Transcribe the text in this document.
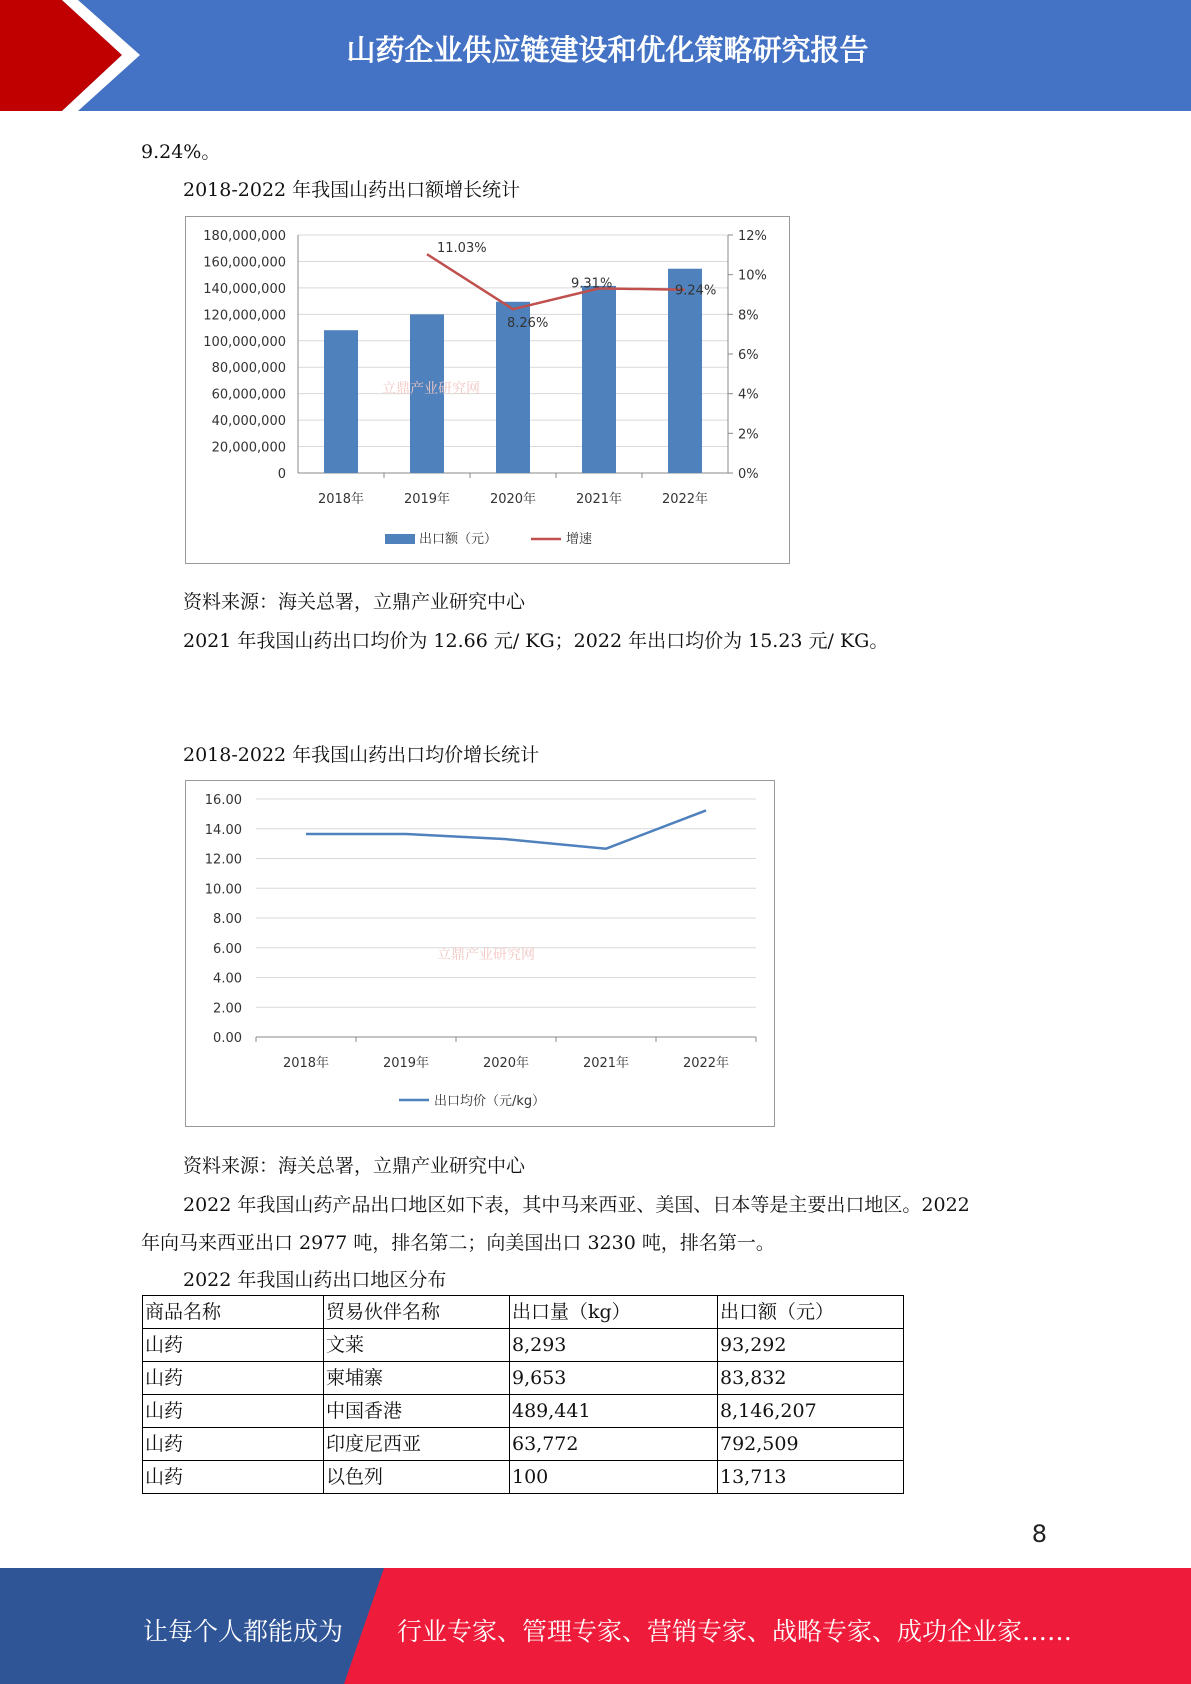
山药企业供应链建设和优化策略研究报告
9.24%。
2018-2022 年我国山药出口额增长统计
180,000,000
160,000,000
140,000,000
120,000,000
100,000,000
80,000,000
60,000,000
40,000,000
20,000,000
0
12%
10%
8%
6%
4%
2%
0%
2018年	2019年	2020年	2021年	2022年
11.03%
8.26%
9.31%	9.24%
立鼎产业研究网
出口额（元）	增速
资料来源：海关总署，立鼎产业研究中心
2021 年我国山药出口均价为 12.66 元/ KG；2022 年出口均价为 15.23 元/ KG。
2018-2022 年我国山药出口均价增长统计
16.00
14.00
12.00
10.00
8.00
6.00
4.00
2.00
0.00
2018年	2019年	2020年	2021年	2022年
立鼎产业研究网
出口均价（元/kg）
资料来源：海关总署，立鼎产业研究中心
2022 年我国山药产品出口地区如下表，其中马来西亚、美国、日本等是主要出口地区。2022
年向马来西亚出口 2977 吨，排名第二；向美国出口 3230 吨，排名第一。
2022 年我国山药出口地区分布
商品名称	贸易伙伴名称	出口量（kg）	出口额（元）
山药	文莱	8,293	93,292
山药	柬埔寨	9,653	83,832
山药	中国香港	489,441	8,146,207
山药	印度尼西亚	63,772	792,509
山药	以色列	100	13,713
8
让每个人都能成为 行业专家、管理专家、营销专家、战略专家、成功企业家……
